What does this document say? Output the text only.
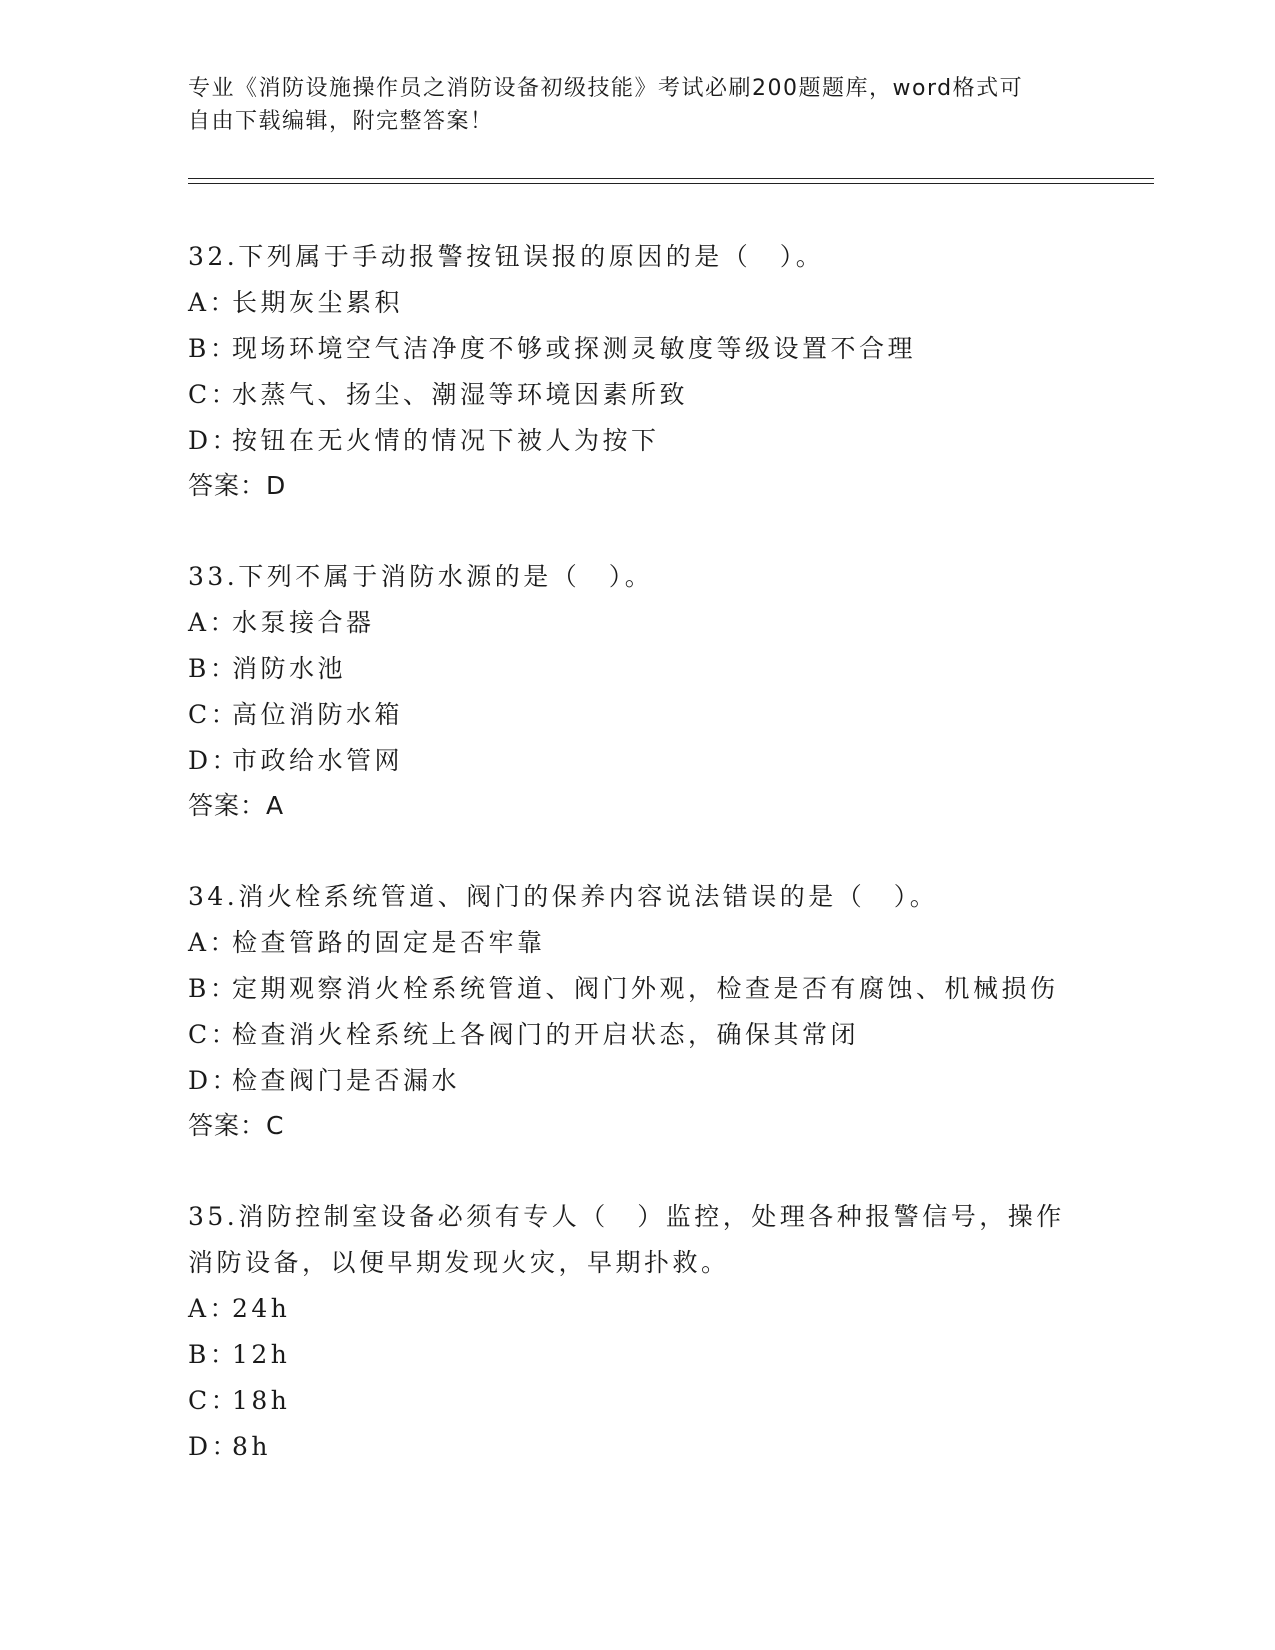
专业《消防设施操作员之消防设备初级技能》考试必刷200题题库，word格式可
自由下载编辑，附完整答案！
32.下列属于手动报警按钮误报的原因的是（　）。
A：长期灰尘累积
B：现场环境空气洁净度不够或探测灵敏度等级设置不合理
C：水蒸气、扬尘、潮湿等环境因素所致
D：按钮在无火情的情况下被人为按下
答案：D
33.下列不属于消防水源的是（　）。
A：水泵接合器
B：消防水池
C：高位消防水箱
D：市政给水管网
答案：A
34.消火栓系统管道、阀门的保养内容说法错误的是（　）。
A：检查管路的固定是否牢靠
B：定期观察消火栓系统管道、阀门外观，检查是否有腐蚀、机械损伤
C：检查消火栓系统上各阀门的开启状态，确保其常闭
D：检查阀门是否漏水
答案：C
35.消防控制室设备必须有专人（　）监控，处理各种报警信号，操作消防设备，以便早期发现火灾，早期扑救。
A：24h
B：12h
C：18h
D：8h
